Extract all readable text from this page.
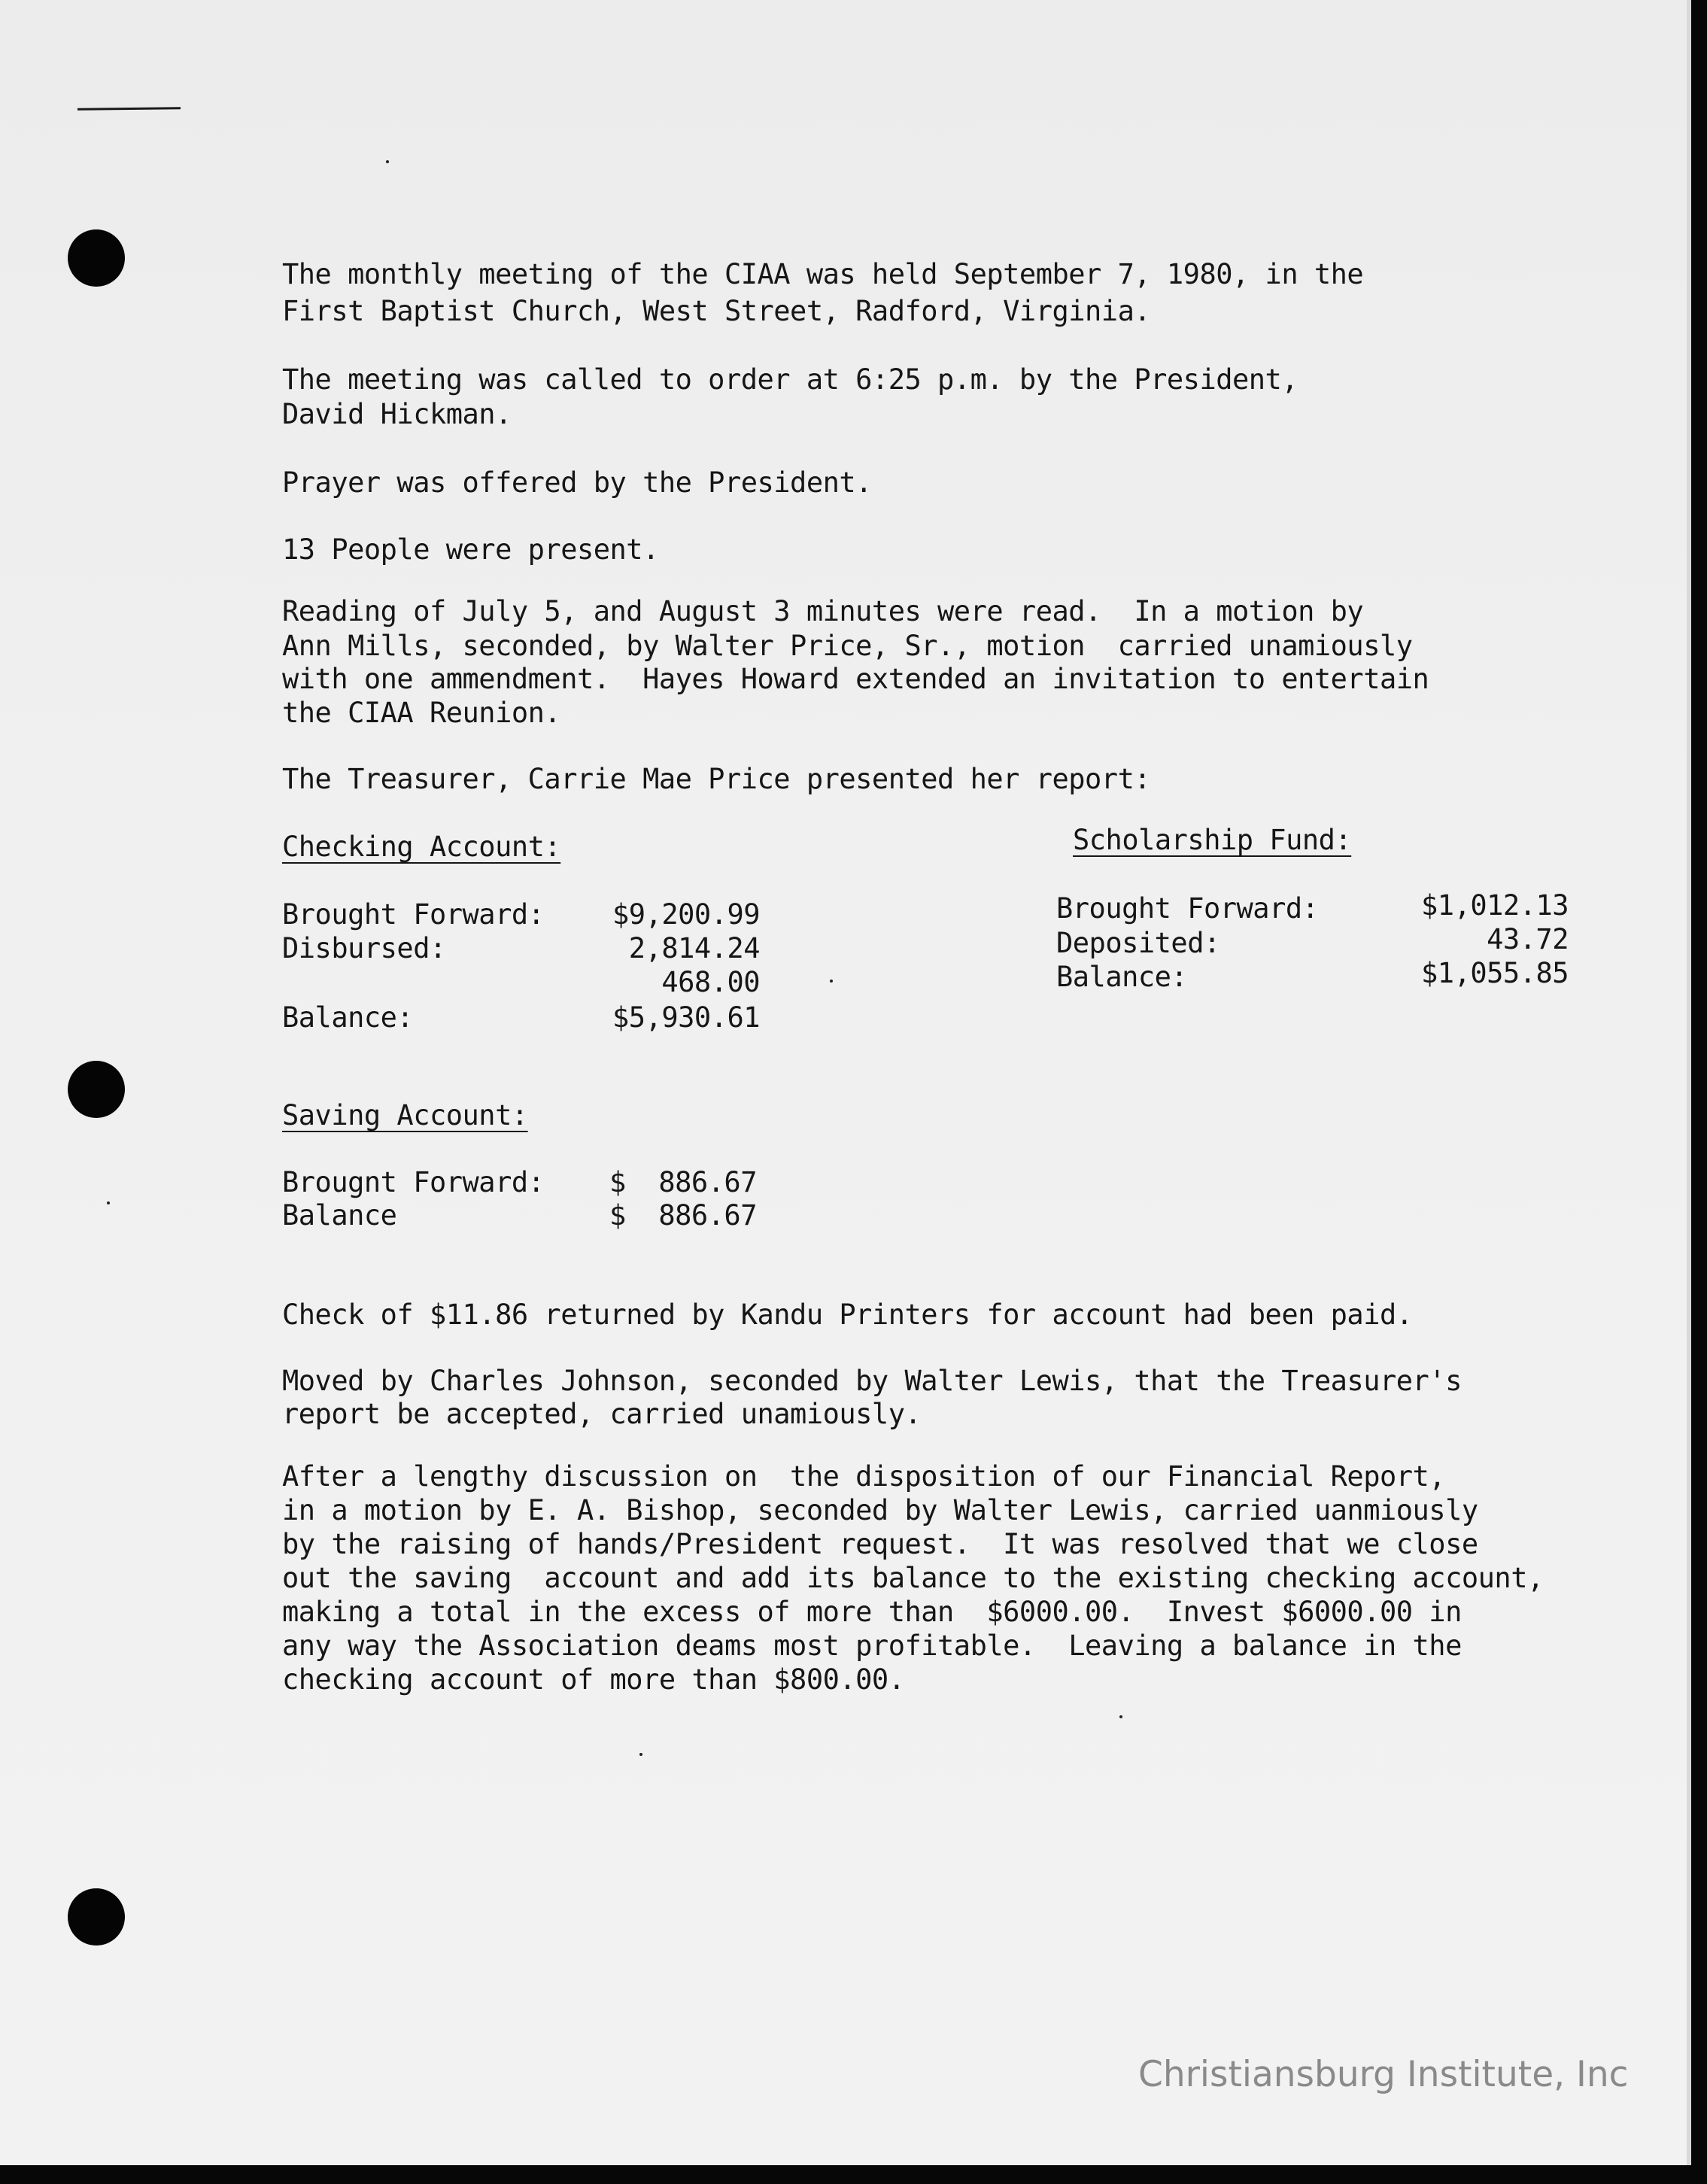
The monthly meeting of the CIAA was held September 7, 1980, in the
First Baptist Church, West Street, Radford, Virginia.
The meeting was called to order at 6:25 p.m. by the President,
David Hickman.
Prayer was offered by the President.
13 People were present.
Reading of July 5, and August 3 minutes were read.  In a motion by
Ann Mills, seconded, by Walter Price, Sr., motion  carried unamiously
with one ammendment.  Hayes Howard extended an invitation to entertain
the CIAA Reunion.
The Treasurer, Carrie Mae Price presented her report:
Checking Account:
Brought Forward:	$9,200.99
Disbursed:	2,814.24
468.00
Balance:	$5,930.61
Scholarship Fund:
Brought Forward:	$1,012.13
Deposited:	43.72
Balance:	$1,055.85
Saving Account:
Brougnt Forward: $  886.67
Balance	$  886.67
Check of $11.86 returned by Kandu Printers for account had been paid.
Moved by Charles Johnson, seconded by Walter Lewis, that the Treasurer's
report be accepted, carried unamiously.
After a lengthy discussion on  the disposition of our Financial Report,
in a motion by E. A. Bishop, seconded by Walter Lewis, carried uanmiously
by the raising of hands/President request.  It was resolved that we close
out the saving  account and add its balance to the existing checking account,
making a total in the excess of more than  $6000.00.  Invest $6000.00 in
any way the Association deams most profitable.  Leaving a balance in the
checking account of more than $800.00.
Christiansburg Institute, Inc
